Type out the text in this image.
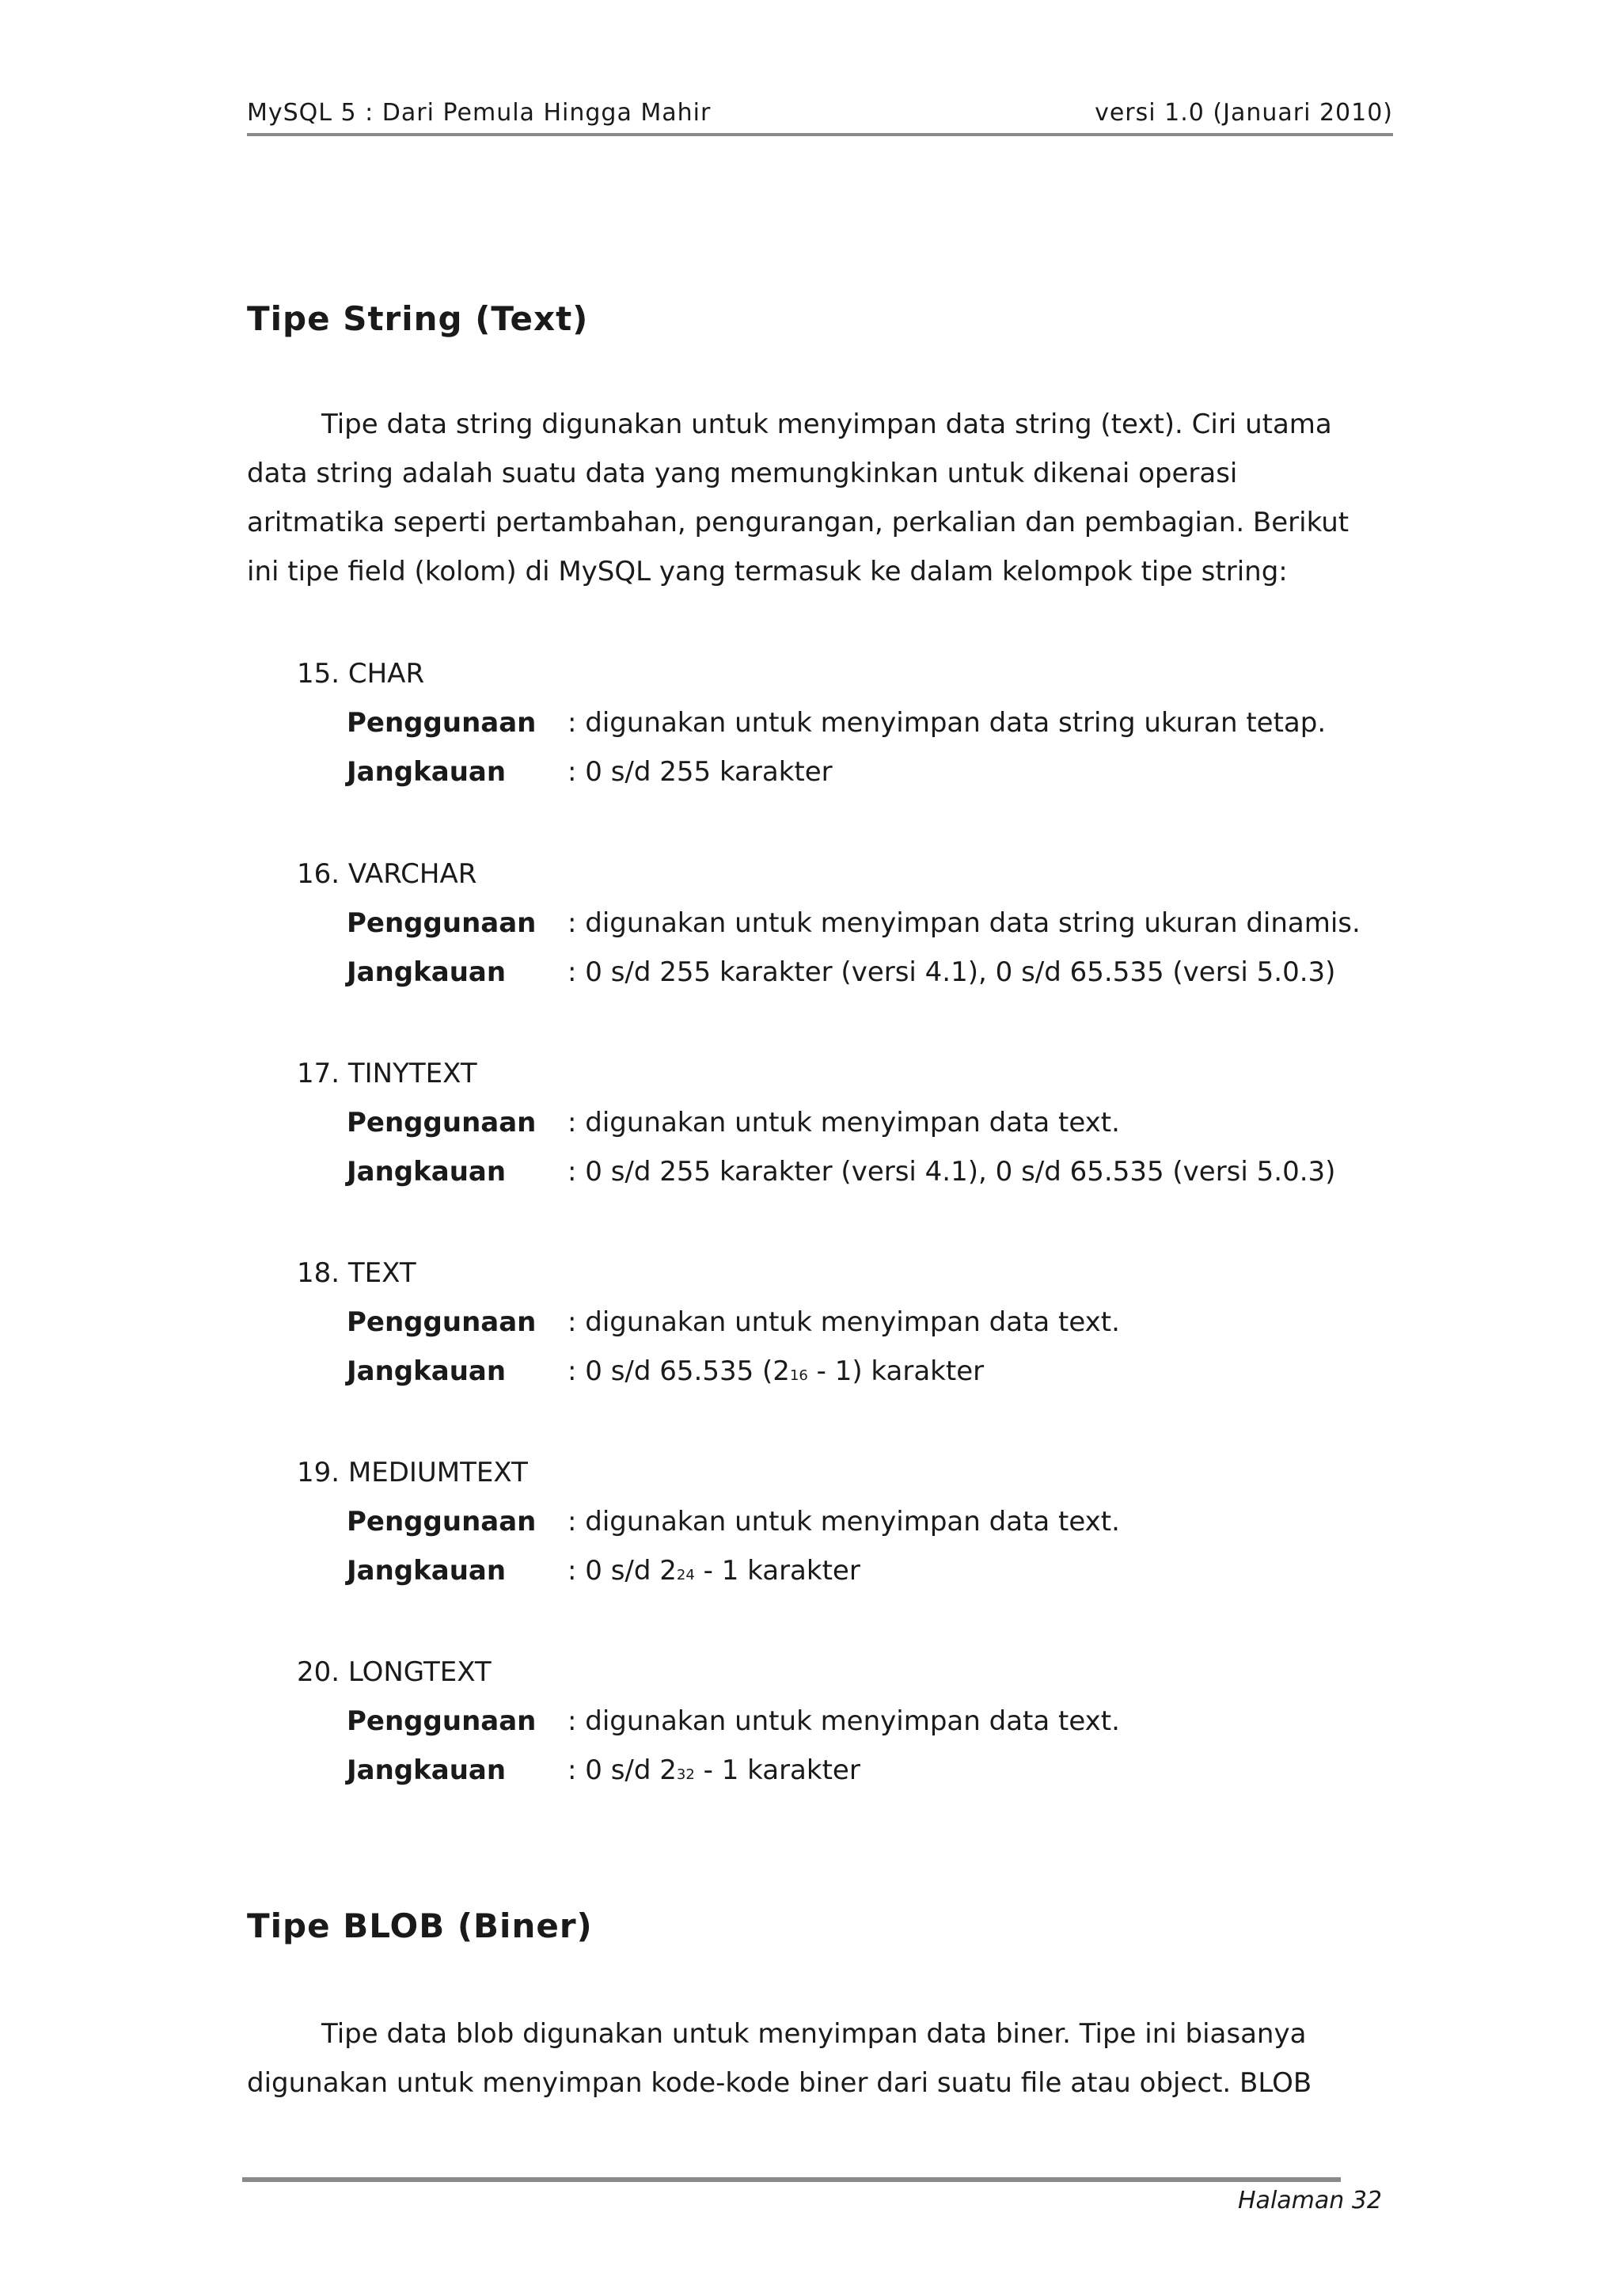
MySQL 5 : Dari Pemula Hingga Mahir	versi 1.0 (Januari 2010)
Tipe String (Text)

Tipe data string digunakan untuk menyimpan data string (text). Ciri utama data string adalah suatu data yang memungkinkan untuk dikenai operasi aritmatika seperti pertambahan, pengurangan, perkalian dan pembagian. Berikut ini tipe field (kolom) di MySQL yang termasuk ke dalam kelompok tipe string:

15. CHAR
Penggunaan : digunakan untuk menyimpan data string ukuran tetap.
Jangkauan : 0 s/d 255 karakter
16. VARCHAR
Penggunaan : digunakan untuk menyimpan data string ukuran dinamis.
Jangkauan : 0 s/d 255 karakter (versi 4.1), 0 s/d 65.535 (versi 5.0.3)
17. TINYTEXT
Penggunaan : digunakan untuk menyimpan data text.
Jangkauan : 0 s/d 255 karakter (versi 4.1), 0 s/d 65.535 (versi 5.0.3)
18. TEXT
Penggunaan : digunakan untuk menyimpan data text.
Jangkauan : 0 s/d 65.535 (216 - 1) karakter
19. MEDIUMTEXT
Penggunaan : digunakan untuk menyimpan data text.
Jangkauan : 0 s/d 224 - 1 karakter
20. LONGTEXT
Penggunaan : digunakan untuk menyimpan data text.
Jangkauan : 0 s/d 232 - 1 karakter
Tipe BLOB (Biner)

Tipe data blob digunakan untuk menyimpan data biner. Tipe ini biasanya digunakan untuk menyimpan kode-kode biner dari suatu file atau object. BLOB

Halaman 32
